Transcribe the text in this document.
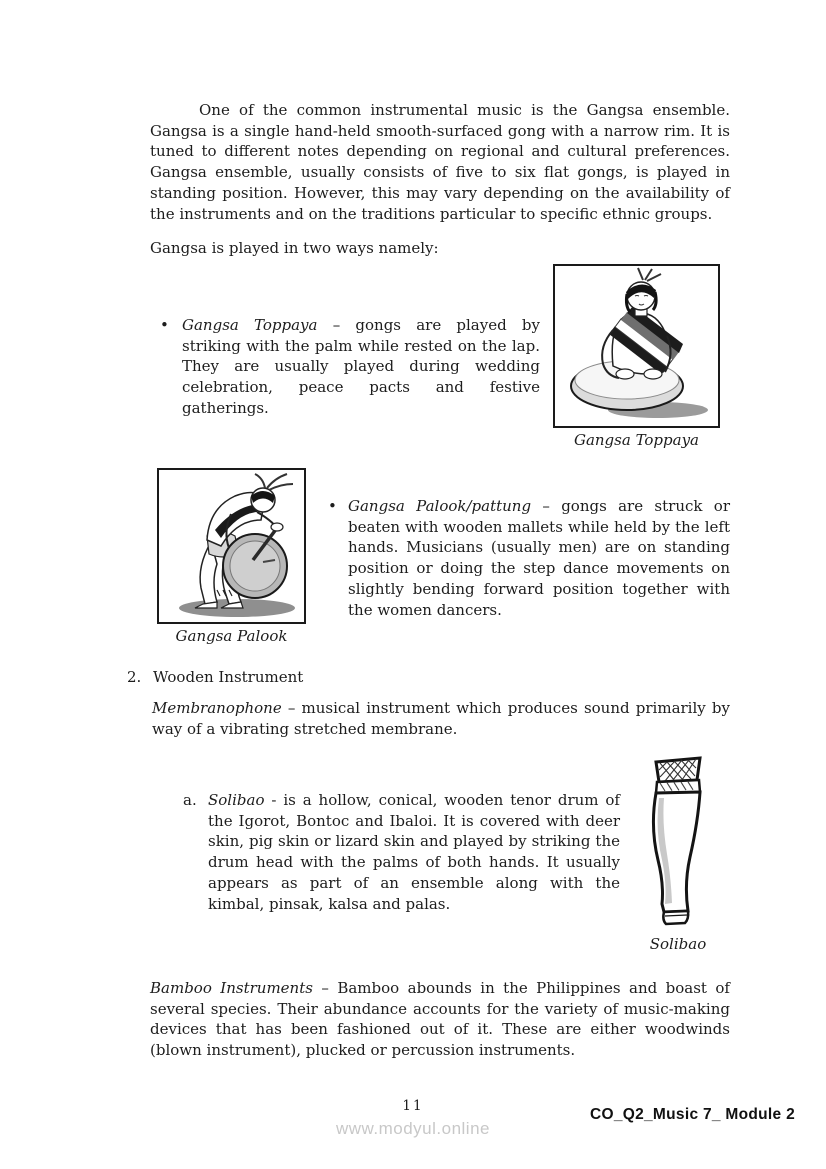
One of the common instrumental music is the Gangsa ensemble. Gangsa is a single hand-held smooth-surfaced gong with a narrow rim. It is tuned to different notes depending on regional and cultural preferences. Gangsa ensemble, usually consists of five to six flat gongs, is played in standing position. However, this may vary depending on the availability of the instruments and on the traditions particular to specific ethnic groups.

Gangsa is played in two ways namely:

Gangsa Toppaya
• Gangsa Toppaya – gongs are played by striking with the palm while rested on the lap. They are usually played during wedding celebration, peace pacts and festive gatherings.

Gangsa Palook
• Gangsa Palook/pattung – gongs are struck or beaten with wooden mallets while held by the left hands. Musicians (usually men) are on standing position or doing the step dance movements on slightly bending forward position together with the women dancers.

2. Wooden Instrument

Membranophone – musical instrument which produces sound primarily by way of a vibrating stretched membrane.

a. Solibao - is a hollow, conical, wooden tenor drum of the Igorot, Bontoc and Ibaloi. It is covered with deer skin, pig skin or lizard skin and played by striking the drum head with the palms of both hands. It usually appears as part of an ensemble along with the kimbal, pinsak, kalsa and palas.

Solibao

Bamboo Instruments – Bamboo abounds in the Philippines and boast of several species. Their abundance accounts for the variety of music-making devices that has been fashioned out of it. These are either woodwinds (blown instrument), plucked or percussion instruments.

11
www.modyul.online
CO_Q2_Music 7_ Module 2
